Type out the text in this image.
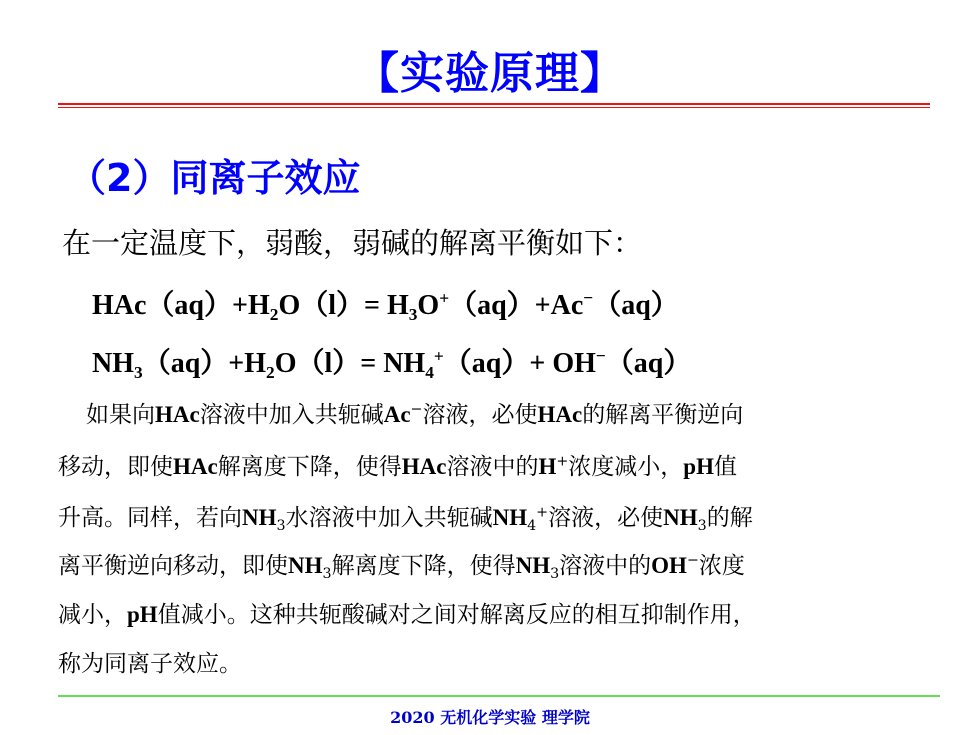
【实验原理】
（2）同离子效应
在一定温度下，弱酸，弱碱的解离平衡如下：
$HAc(aq)+H_2O(l)= H_3O^+(aq)+Ac^-(aq)$
$NH_3(aq)+H_2O(l)= NH_4^+(aq)+ OH^-(aq)$
如果向HAc溶液中加入共轭碱Ac−溶液，必使HAc的解离平衡逆向
移动，即使HAc解离度下降，使得HAc溶液中的H+浓度减小，pH值
升高。同样，若向$NH_3$水溶液中加入共轭碱$NH_4^+$溶液，必使$NH_3$的解
离平衡逆向移动，即使$NH_3$解离度下降，使得$NH_3$溶液中的OH−浓度
减小，pH值减小。这种共轭酸碱对之间对解离反应的相互抑制作用，
称为同离子效应。
2020 无机化学实验 理学院
